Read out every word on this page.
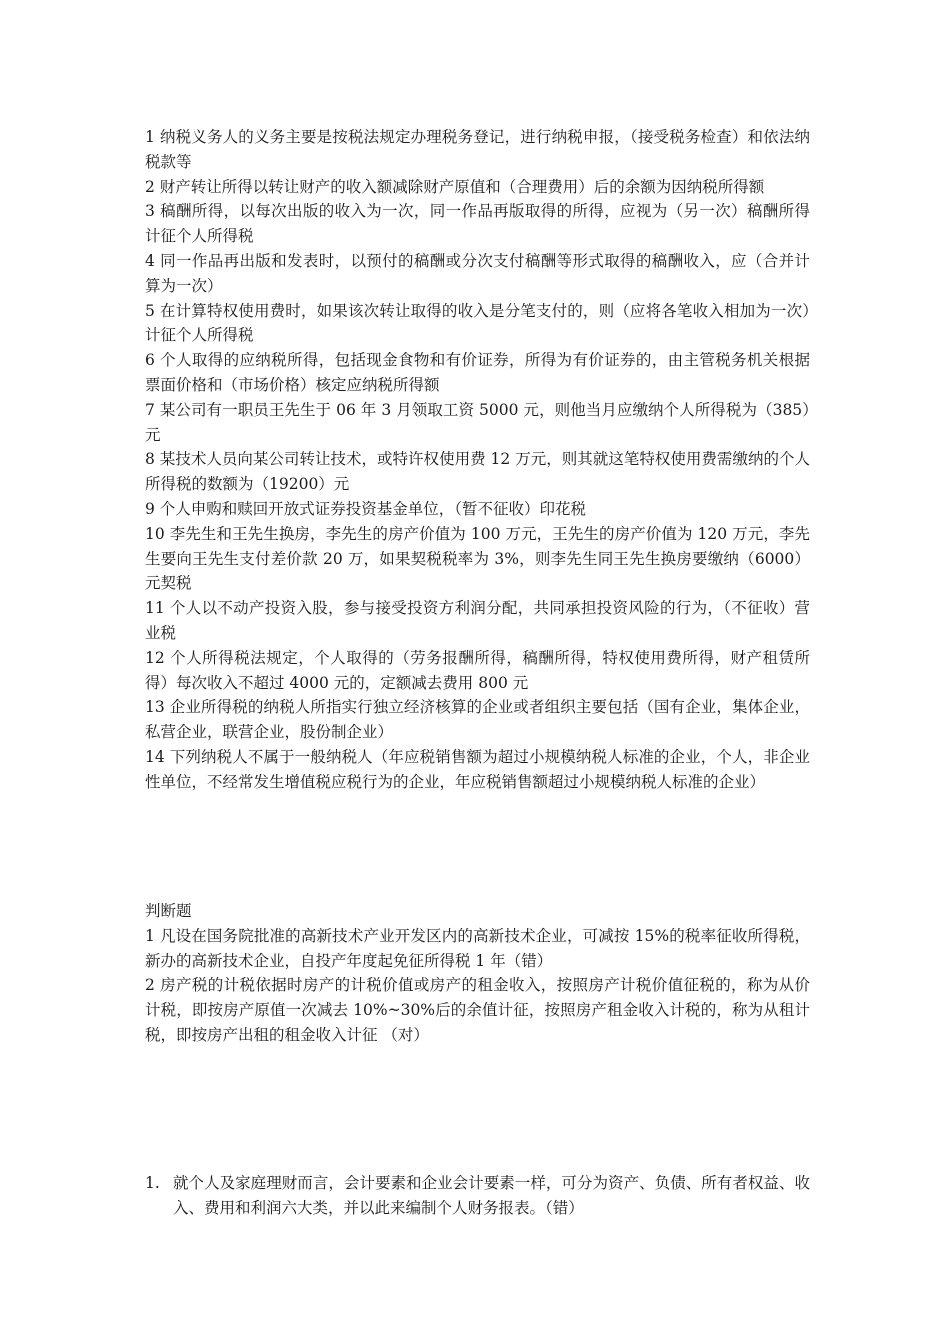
1 纳税义务人的义务主要是按税法规定办理税务登记，进行纳税申报，（接受税务检查）和依法纳税款等

2 财产转让所得以转让财产的收入额减除财产原值和（合理费用）后的余额为因纳税所得额

3 稿酬所得，以每次出版的收入为一次，同一作品再版取得的所得，应视为（另一次）稿酬所得计征个人所得税

4 同一作品再出版和发表时，以预付的稿酬或分次支付稿酬等形式取得的稿酬收入，应（合并计算为一次）

5 在计算特权使用费时，如果该次转让取得的收入是分笔支付的，则（应将各笔收入相加为一次）计征个人所得税

6 个人取得的应纳税所得，包括现金食物和有价证券，所得为有价证券的，由主管税务机关根据票面价格和（市场价格）核定应纳税所得额

7 某公司有一职员王先生于 06 年 3 月领取工资 5000 元，则他当月应缴纳个人所得税为（385）元

8 某技术人员向某公司转让技术，或特许权使用费 12 万元，则其就这笔特权使用费需缴纳的个人所得税的数额为（19200）元

9 个人申购和赎回开放式证券投资基金单位，（暂不征收）印花税

10 李先生和王先生换房，李先生的房产价值为 100 万元，王先生的房产价值为 120 万元，李先生要向王先生支付差价款 20 万，如果契税税率为 3%，则李先生同王先生换房要缴纳（6000）元契税

11 个人以不动产投资入股，参与接受投资方利润分配，共同承担投资风险的行为，（不征收）营业税

12 个人所得税法规定，个人取得的（劳务报酬所得，稿酬所得，特权使用费所得，财产租赁所得）每次收入不超过 4000 元的，定额减去费用 800 元

13 企业所得税的纳税人所指实行独立经济核算的企业或者组织主要包括（国有企业，集体企业，私营企业，联营企业，股份制企业）

14 下列纳税人不属于一般纳税人（年应税销售额为超过小规模纳税人标准的企业，个人，非企业性单位，不经常发生增值税应税行为的企业，年应税销售额超过小规模纳税人标准的企业）

判断题

1 凡设在国务院批准的高新技术产业开发区内的高新技术企业，可减按 15%的税率征收所得税，新办的高新技术企业，自投产年度起免征所得税 1 年（错）

2 房产税的计税依据时房产的计税价值或房产的租金收入，按照房产计税价值征税的，称为从价计税，即按房产原值一次减去 10%~30%后的余值计征，按照房产租金收入计税的，称为从租计税，即按房产出租的租金收入计征 （对）

1. 就个人及家庭理财而言，会计要素和企业会计要素一样，可分为资产、负债、所有者权益、收入、费用和利润六大类，并以此来编制个人财务报表。（错）
